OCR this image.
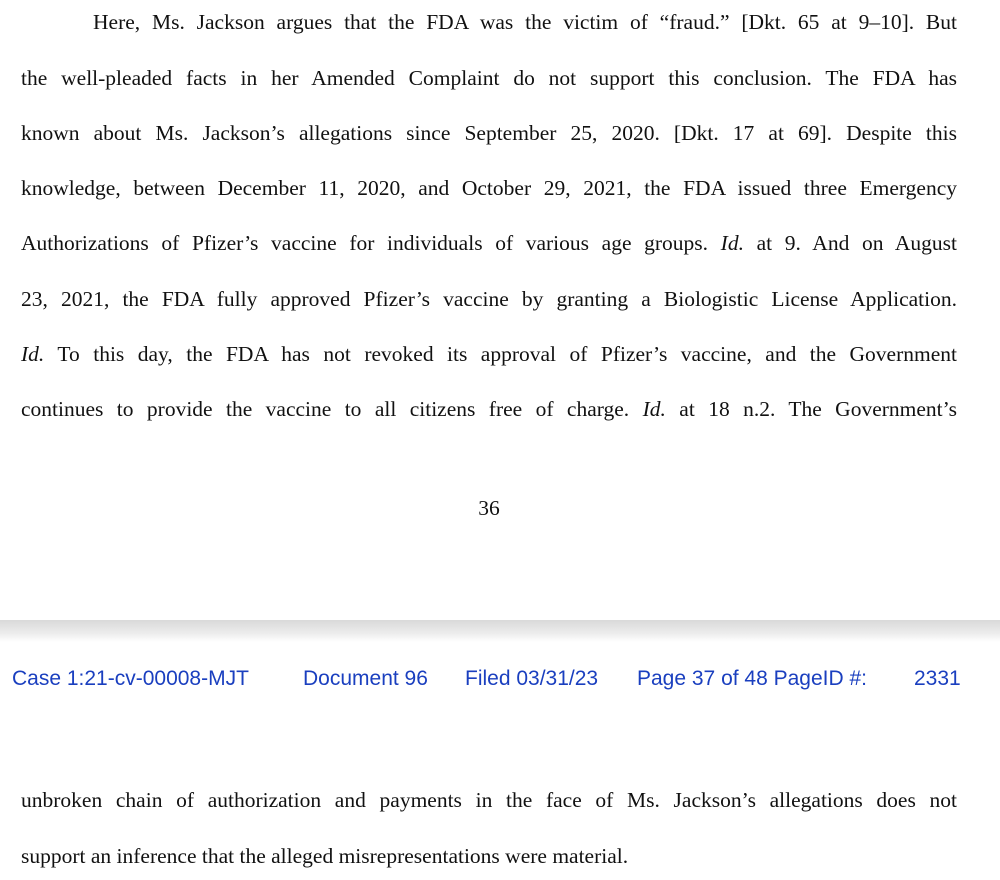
Here, Ms. Jackson argues that the FDA was the victim of “fraud.” [Dkt. 65 at 9–10]. But
the well-pleaded facts in her Amended Complaint do not support this conclusion. The FDA has
known about Ms. Jackson’s allegations since September 25, 2020. [Dkt. 17 at 69]. Despite this
knowledge, between December 11, 2020, and October 29, 2021, the FDA issued three Emergency
Authorizations of Pfizer’s vaccine for individuals of various age groups. Id. at 9. And on August
23, 2021, the FDA fully approved Pfizer’s vaccine by granting a Biologistic License Application.
Id. To this day, the FDA has not revoked its approval of Pfizer’s vaccine, and the Government
continues to provide the vaccine to all citizens free of charge. Id. at 18 n.2. The Government’s
36
Case 1:21-cv-00008-MJT	Document 96 Filed 03/31/23 Page 37 of 48 PageID #: 2331
unbroken chain of authorization and payments in the face of Ms. Jackson’s allegations does not
support an inference that the alleged misrepresentations were material.
